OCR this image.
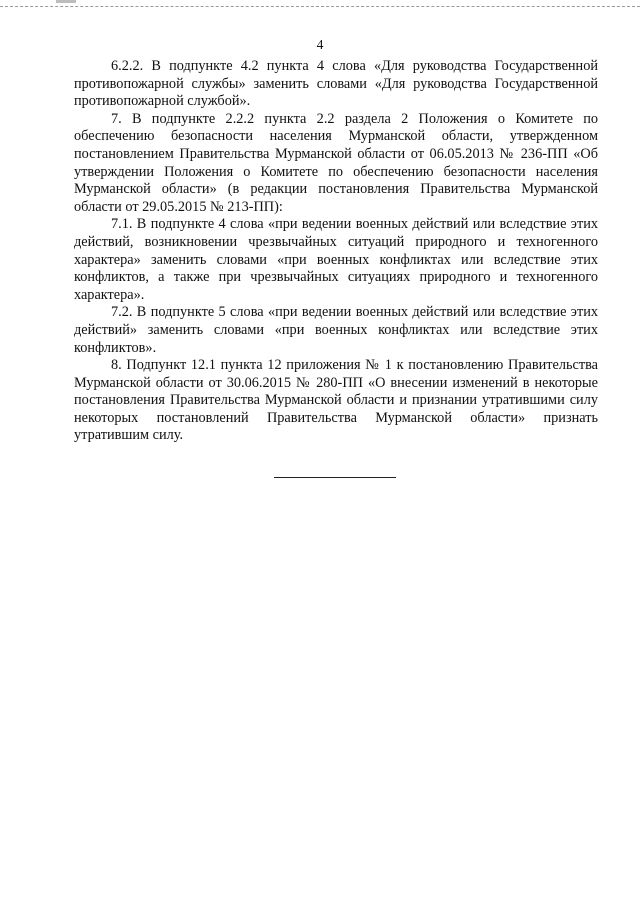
4

6.2.2. В подпункте 4.2 пункта 4 слова «Для руководства Государственной противопожарной службы» заменить словами «Для руководства Государственной противопожарной службой».

7. В подпункте 2.2.2 пункта 2.2 раздела 2 Положения о Комитете по обеспечению безопасности населения Мурманской области, утвержденном постановлением Правительства Мурманской области от 06.05.2013 № 236-ПП «Об утверждении Положения о Комитете по обеспечению безопасности населения Мурманской области» (в редакции постановления Правительства Мурманской области от 29.05.2015 № 213-ПП):

7.1. В подпункте 4 слова «при ведении военных действий или вследствие этих действий, возникновении чрезвычайных ситуаций природного и техногенного характера» заменить словами «при военных конфликтах или вследствие этих конфликтов, а также при чрезвычайных ситуациях природного и техногенного характера».

7.2. В подпункте 5 слова «при ведении военных действий или вследствие этих действий» заменить словами «при военных конфликтах или вследствие этих конфликтов».

8. Подпункт 12.1 пункта 12 приложения № 1 к постановлению Правительства Мурманской области от 30.06.2015 № 280-ПП «О внесении изменений в некоторые постановления Правительства Мурманской области и признании утратившими силу некоторых постановлений Правительства Мурманской области» признать утратившим силу.
